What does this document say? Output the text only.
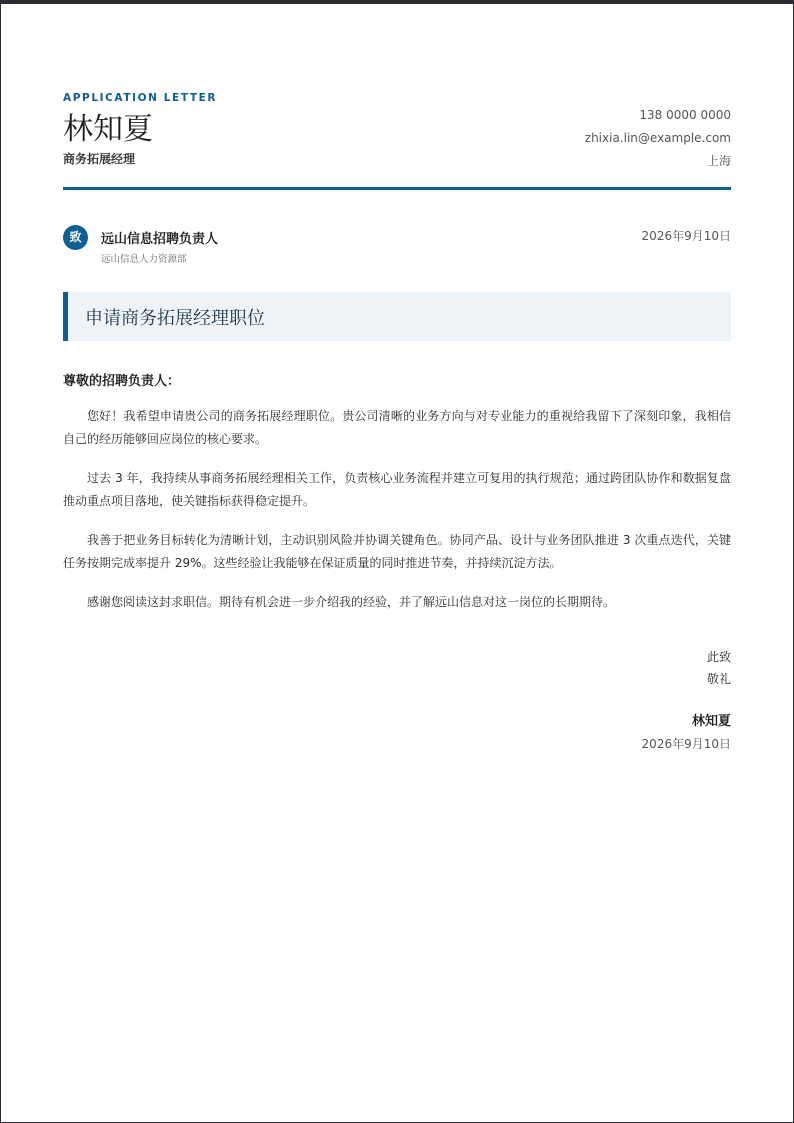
APPLICATION LETTER
林知夏
商务拓展经理
138 0000 0000
zhixia.lin@example.com
上海
致	远山信息招聘负责人
远山信息人力资源部
2026年9月10日
申请商务拓展经理职位
尊敬的招聘负责人：

您好！我希望申请贵公司的商务拓展经理职位。贵公司清晰的业务方向与对专业能力的重视给我留下了深刻印象，我相信自己的经历能够回应岗位的核心要求。

过去 3 年，我持续从事商务拓展经理相关工作，负责核心业务流程并建立可复用的执行规范；通过跨团队协作和数据复盘推动重点项目落地，使关键指标获得稳定提升。

我善于把业务目标转化为清晰计划，主动识别风险并协调关键角色。协同产品、设计与业务团队推进 3 次重点迭代，关键任务按期完成率提升 29%。这些经验让我能够在保证质量的同时推进节奏，并持续沉淀方法。

感谢您阅读这封求职信。期待有机会进一步介绍我的经验，并了解远山信息对这一岗位的长期期待。

此致
敬礼
林知夏
2026年9月10日
